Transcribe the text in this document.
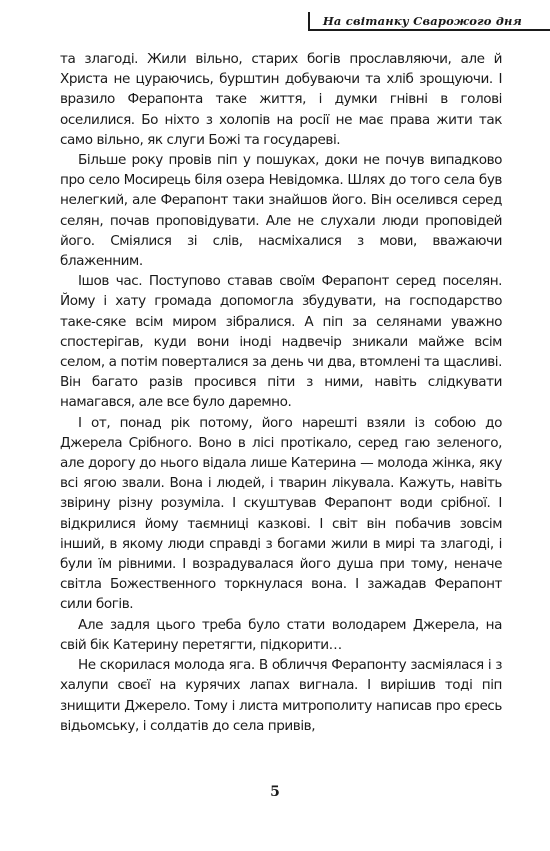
На світанку Сварожого дня

та злагоді. Жили вільно, старих богів прославляючи, але й Христа не цураючись, бурштин добуваючи та хліб зрощуючи. І вразило Ферапонта таке життя, і думки гнівні в голові оселилися. Бо ніхто з холопів на росії не має права жити так само вільно, як слуги Божі та государеві.

Більше року провів піп у пошуках, доки не почув випадково про село Мосирець біля озера Невідомка. Шлях до того села був нелегкий, але Ферапонт таки знайшов його. Він оселився серед селян, почав проповідувати. Але не слухали люди проповідей його. Сміялися зі слів, насміхалися з мови, вважаючи блаженним.

Ішов час. Поступово ставав своїм Ферапонт серед поселян. Йому і хату громада допомогла збудувати, на господарство таке-сяке всім миром зібралися. А піп за селянами уважно спостерігав, куди вони іноді надвечір зникали майже всім селом, а потім поверталися за день чи два, втомлені та щасливі. Він багато разів просився піти з ними, навіть слідкувати намагався, але все було даремно.

І от, понад рік потому, його нарешті взяли із собою до Джерела Срібного. Воно в лісі протікало, серед гаю зеленого, але дорогу до нього відала лише Катерина — молода жінка, яку всі ягою звали. Вона і людей, і тварин лікувала. Кажуть, навіть звірину різну розуміла. І скуштував Ферапонт води срібної. І відкрилися йому таємниці казкові. І світ він побачив зовсім інший, в якому люди справді з богами жили в мирі та злагоді, і були їм рівними. І возрадувалася його душа при тому, неначе світла Божественного торкнулася вона. І зажадав Ферапонт сили богів.

Але задля цього треба було стати володарем Джерела, на свій бік Катерину перетягти, підкорити…

Не скорилася молода яга. В обличчя Ферапонту засміялася і з халупи своєї на курячих лапах вигнала. І вирішив тоді піп знищити Джерело. Тому і листа митрополиту написав про єресь відьомську, і солдатів до села привів,

5
